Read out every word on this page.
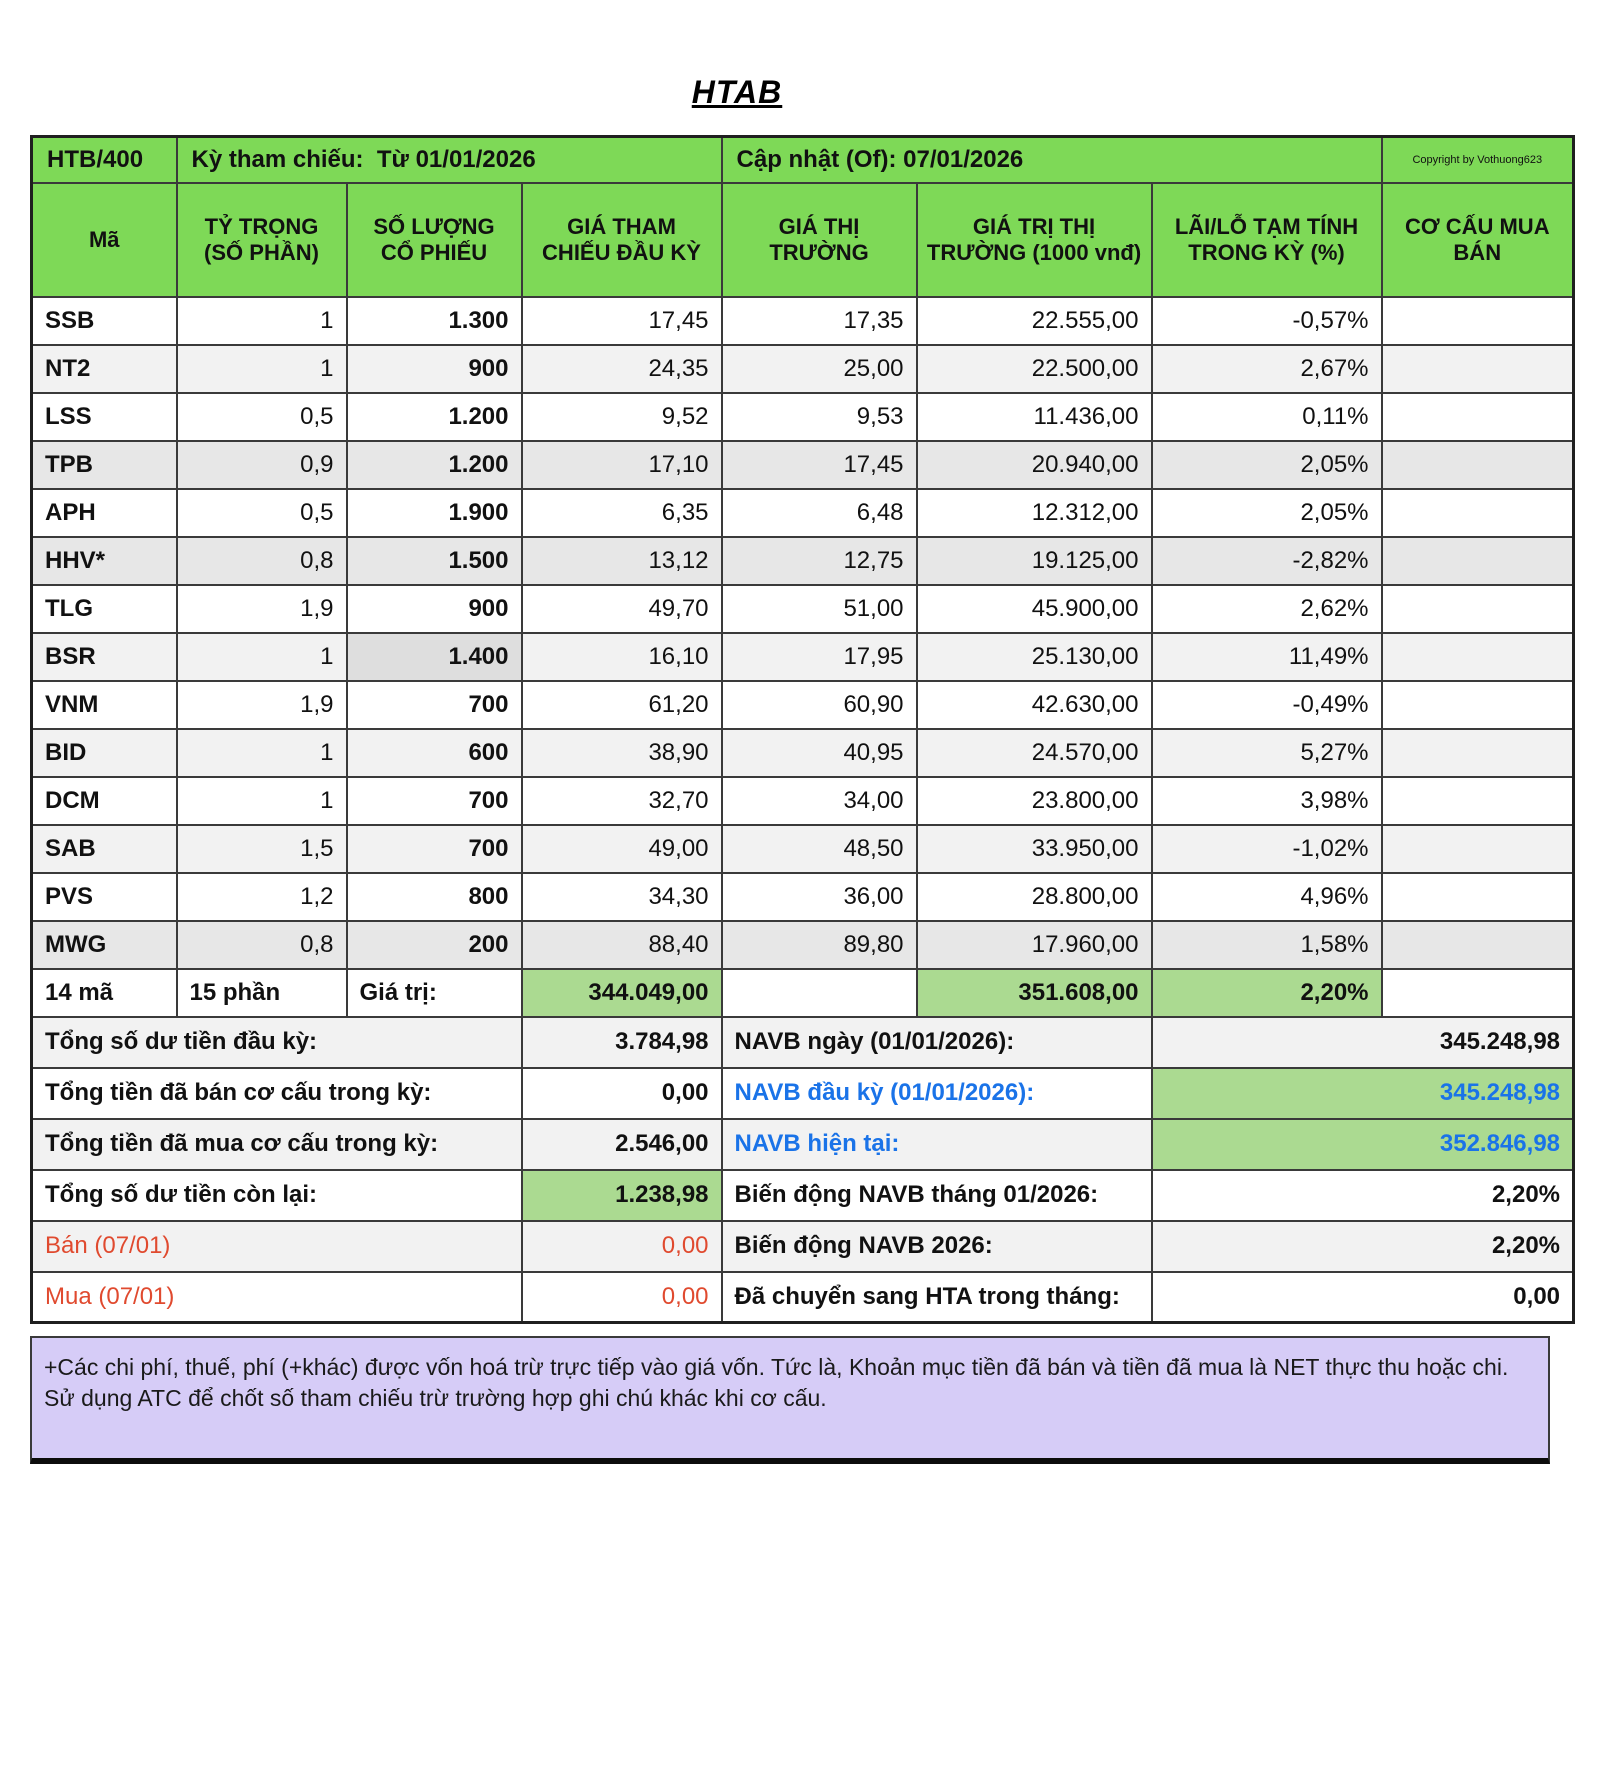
HTAB
HTB/400	Kỳ tham chiếu:  Từ 01/01/2026			Cập nhật (Of): 07/01/2026			Copyright by Vothuong623
Mã	TỶ TRỌNG (SỐ PHẦN)	SỐ LƯỢNG CỔ PHIẾU	GIÁ THAM CHIẾU ĐẦU KỲ	GIÁ THỊ TRƯỜNG	GIÁ TRỊ THỊ TRƯỜNG (1000 vnđ)	LÃI/LỖ TẠM TÍNH TRONG KỲ (%)	CƠ CẤU MUA BÁN
SSB	1	1.300	17,45	17,35	22.555,00	-0,57%	
NT2	1	900	24,35	25,00	22.500,00	2,67%	
LSS	0,5	1.200	9,52	9,53	11.436,00	0,11%	
TPB	0,9	1.200	17,10	17,45	20.940,00	2,05%	
APH	0,5	1.900	6,35	6,48	12.312,00	2,05%	
HHV*	0,8	1.500	13,12	12,75	19.125,00	-2,82%	
TLG	1,9	900	49,70	51,00	45.900,00	2,62%	
BSR	1	1.400	16,10	17,95	25.130,00	11,49%	
VNM	1,9	700	61,20	60,90	42.630,00	-0,49%	
BID	1	600	38,90	40,95	24.570,00	5,27%	
DCM	1	700	32,70	34,00	23.800,00	3,98%	
SAB	1,5	700	49,00	48,50	33.950,00	-1,02%	
PVS	1,2	800	34,30	36,00	28.800,00	4,96%	
MWG	0,8	200	88,40	89,80	17.960,00	1,58%	
14 mã	15 phần	Giá trị:	344.049,00		351.608,00	2,20%	
Tổng số dư tiền đầu kỳ:			3.784,98	NAVB ngày (01/01/2026):		345.248,98	
Tổng tiền đã bán cơ cấu trong kỳ:			0,00	NAVB đầu kỳ (01/01/2026):		345.248,98	
Tổng tiền đã mua cơ cấu trong kỳ:			2.546,00	NAVB hiện tại:		352.846,98	
Tổng số dư tiền còn lại:			1.238,98	Biến động NAVB tháng 01/2026:		2,20%	
Bán (07/01)			0,00	Biến động NAVB 2026:		2,20%	
Mua (07/01)			0,00	Đã chuyển sang HTA trong tháng:		0,00	
+Các chi phí, thuế, phí (+khác) được vốn hoá trừ trực tiếp vào giá vốn. Tức là, Khoản mục tiền đã bán và tiền đã mua là NET thực thu hoặc chi. Sử dụng ATC để chốt số tham chiếu trừ trường hợp ghi chú khác khi cơ cấu.
